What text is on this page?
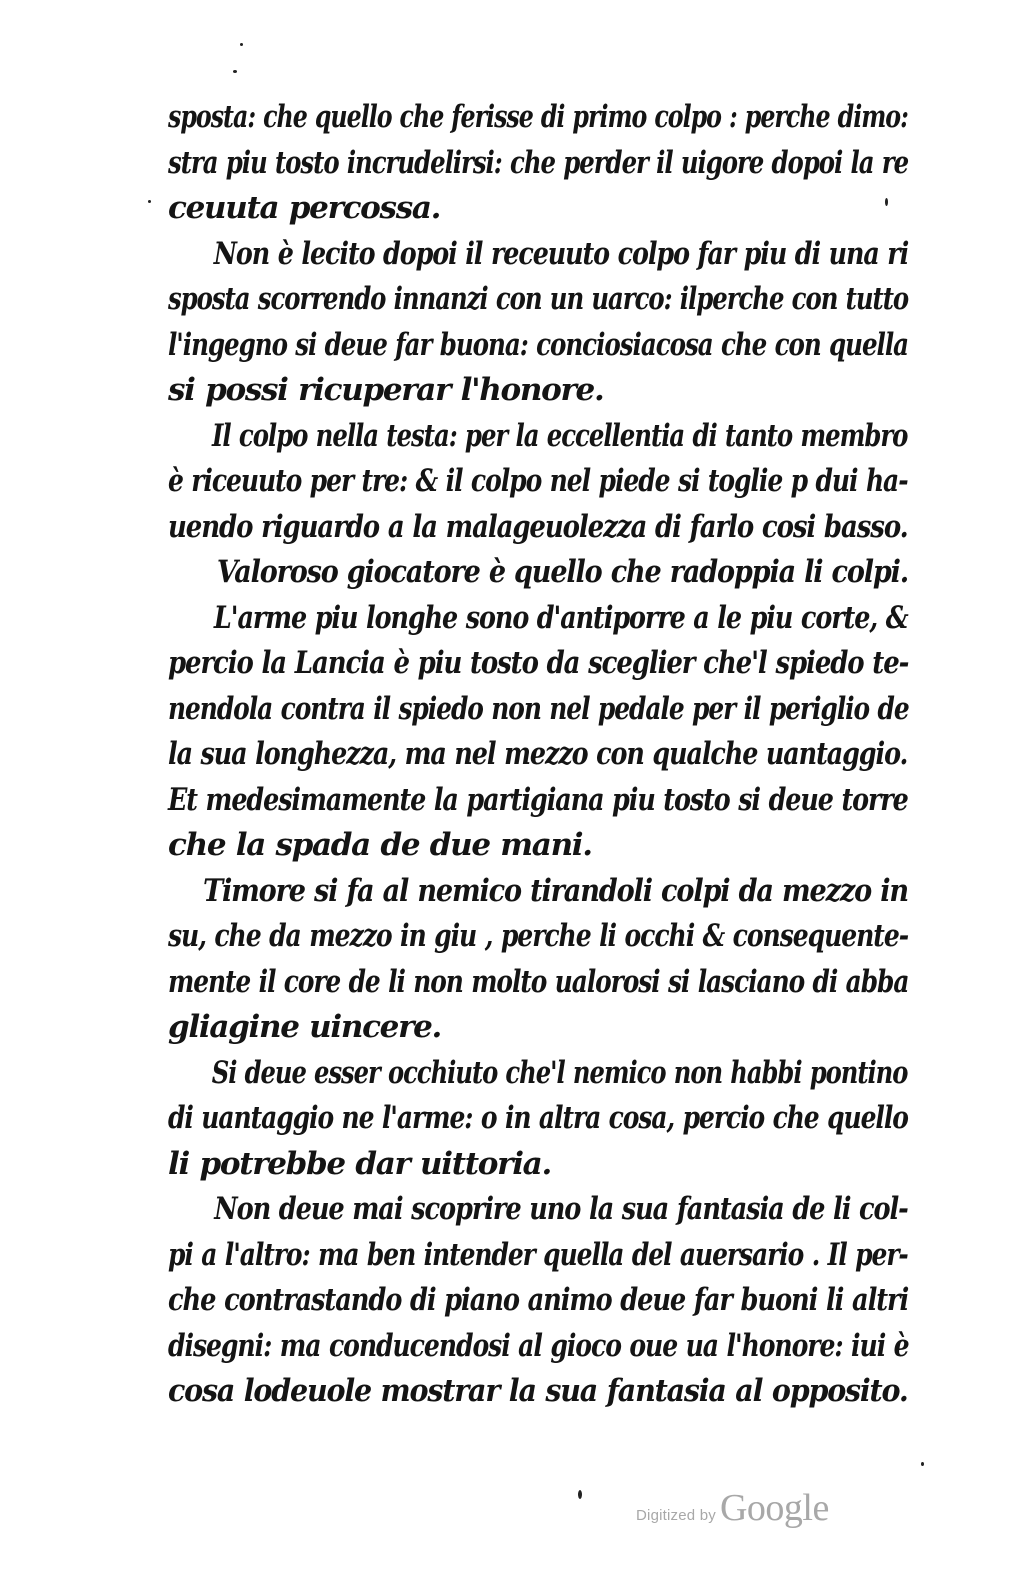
sposta: che quello che ferisse di primo colpo : perche dimo:
stra piu tosto incrudelirsi: che perder il uigore dopoi la re
ceuuta percossa.
Non è lecito dopoi il receuuto colpo far piu di una ri
sposta scorrendo innanzi con un uarco: ilperche con tutto
l'ingegno si deue far buona: conciosiacosa che con quella
si possi ricuperar l'honore.
Il colpo nella testa: per la eccellentia di tanto membro
è riceuuto per tre: & il colpo nel piede si toglie p dui ha-
uendo riguardo a la malageuolezza di farlo cosi basso.
Valoroso giocatore è quello che radoppia li colpi.
L'arme piu longhe sono d'antiporre a le piu corte, &
percio la Lancia è piu tosto da sceglier che'l spiedo te-
nendola contra il spiedo non nel pedale per il periglio de
la sua longhezza, ma nel mezzo con qualche uantaggio.
Et medesimamente la partigiana piu tosto si deue torre
che la spada de due mani.
Timore si fa al nemico tirandoli colpi da mezzo in
su, che da mezzo in giu , perche li occhi & consequente-
mente il core de li non molto ualorosi si lasciano di abba
gliagine uincere.
Si deue esser occhiuto che'l nemico non habbi pontino
di uantaggio ne l'arme: o in altra cosa, percio che quello
li potrebbe dar uittoria.
Non deue mai scoprire uno la sua fantasia de li col-
pi a l'altro: ma ben intender quella del auersario . Il per-
che contrastando di piano animo deue far buoni li altri
disegni: ma conducendosi al gioco oue ua l'honore: iui è
cosa lodeuole mostrar la sua fantasia al opposito.
Digitized by Google
